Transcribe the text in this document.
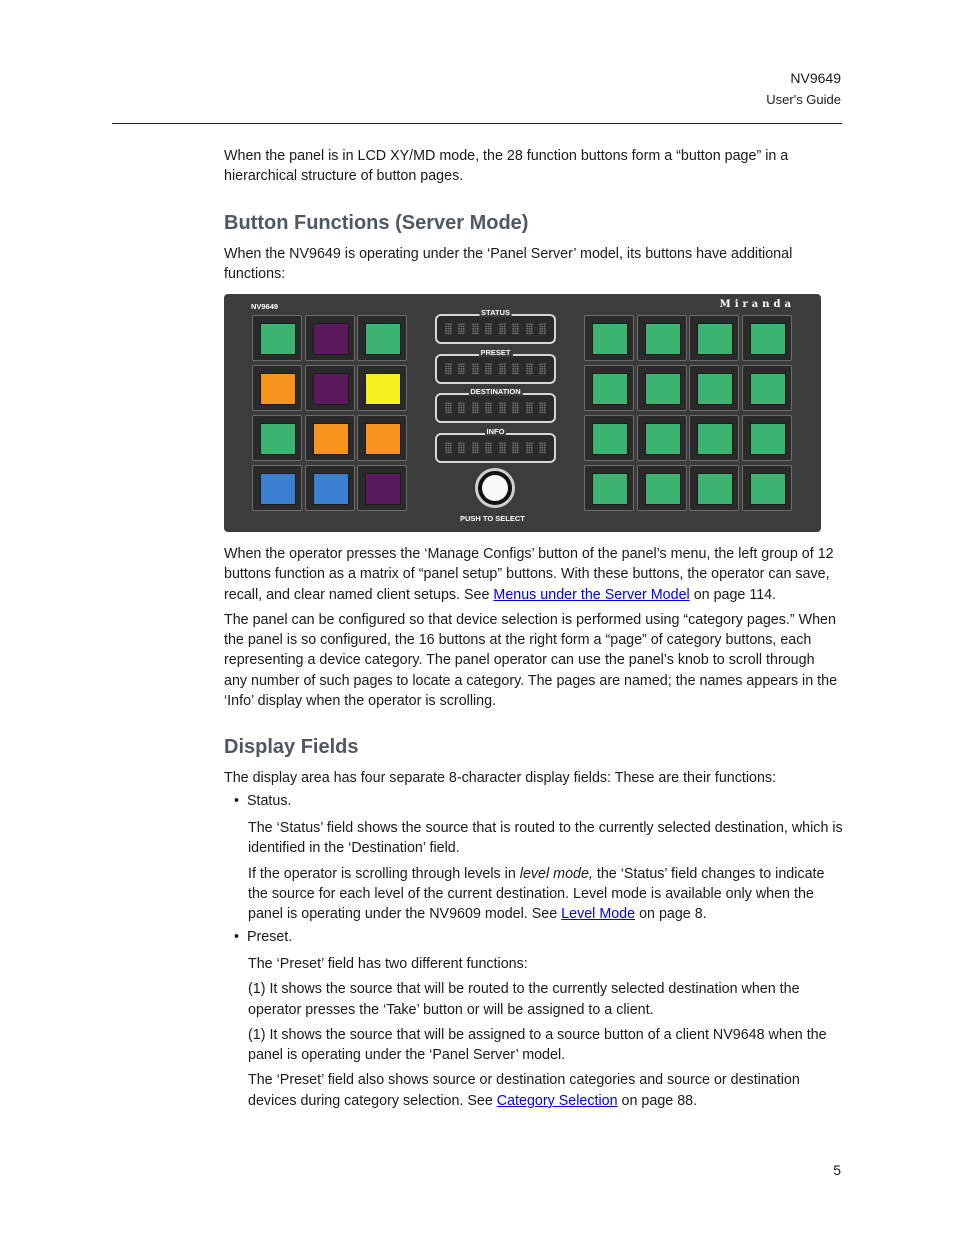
NV9649
User's Guide

When the panel is in LCD XY/MD mode, the 28 function buttons form a “button page” in a hierarchical structure of button pages.

Button Functions (Server Mode)

When the NV9649 is operating under the ‘Panel Server’ model, its buttons have additional functions:

NV9649	Miranda
PUSH TO SELECT
STATUS
PRESET
DESTINATION
INFO

When the operator presses the ‘Manage Configs’ button of the panel’s menu, the left group of 12 buttons function as a matrix of “panel setup” buttons. With these buttons, the operator can save, recall, and clear named client setups. See Menus under the Server Model on page 114.

The panel can be configured so that device selection is performed using “category pages.” When the panel is so configured, the 16 buttons at the right form a “page” of category buttons, each representing a device category. The panel operator can use the panel’s knob to scroll through any number of such pages to locate a category. The pages are named; the names appears in the ‘Info’ display when the operator is scrolling.

Display Fields

The display area has four separate 8-character display fields: These are their functions:

•  Status.

The ‘Status’ field shows the source that is routed to the currently selected destination, which is identified in the ‘Destination’ field.

If the operator is scrolling through levels in level mode, the ‘Status’ field changes to indicate the source for each level of the current destination. Level mode is available only when the panel is operating under the NV9609 model. See Level Mode on page 8.

•  Preset.

The ‘Preset’ field has two different functions:

(1) It shows the source that will be routed to the currently selected destination when the operator presses the ‘Take’ button or will be assigned to a client.

(1) It shows the source that will be assigned to a source button of a client NV9648 when the panel is operating under the ‘Panel Server’ model.

The ‘Preset’ field also shows source or destination categories and source or destination devices during category selection. See Category Selection on page 88.

5
